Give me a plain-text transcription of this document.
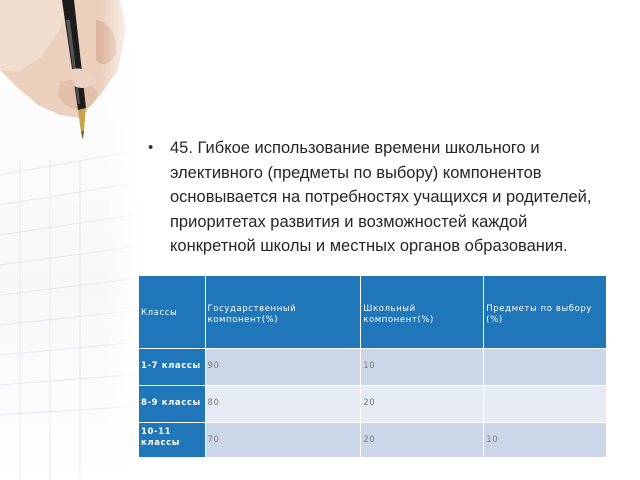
•	45. Гибкое использование времени школьного и элективного (предметы по выбору) компонентов основывается на потребностях учащихся и родителей, приоритетах развития и возможностей каждой конкретной школы и местных органов образования.

Классы	Государственный компонент(%)	Школьный компонент(%)	Предметы по выбору (%)

1-7 классы	90	10	

8-9 классы	80	20	

10-11 классы	70	20	10
